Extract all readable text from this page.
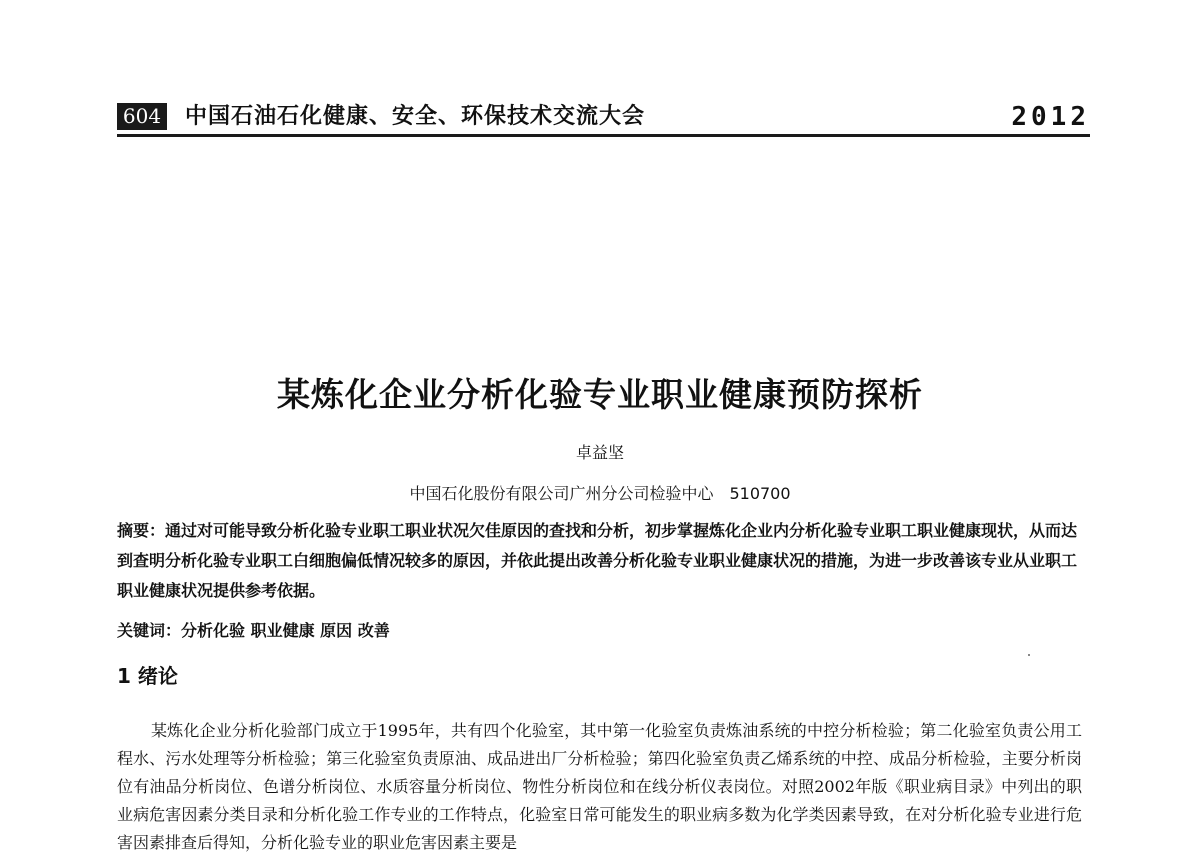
604 中国石油石化健康、安全、环保技术交流大会	2012
某炼化企业分析化验专业职业健康预防探析
卓益坚
中国石化股份有限公司广州分公司检验中心　510700
摘要：通过对可能导致分析化验专业职工职业状况欠佳原因的查找和分析，初步掌握炼化企业内分析化验专业职工职业健康现状，从而达到查明分析化验专业职工白细胞偏低情况较多的原因，并依此提出改善分析化验专业职业健康状况的措施，为进一步改善该专业从业职工职业健康状况提供参考依据。
关键词：分析化验 职业健康 原因 改善
1 绪论
某炼化企业分析化验部门成立于1995年，共有四个化验室，其中第一化验室负责炼油系统的中控分析检验；第二化验室负责公用工程水、污水处理等分析检验；第三化验室负责原油、成品进出厂分析检验；第四化验室负责乙烯系统的中控、成品分析检验，主要分析岗位有油品分析岗位、色谱分析岗位、水质容量分析岗位、物性分析岗位和在线分析仪表岗位。对照2002年版《职业病目录》中列出的职业病危害因素分类目录和分析化验工作专业的工作特点，化验室日常可能发生的职业病多数为化学类因素导致，在对分析化验专业进行危害因素排查后得知，分析化验专业的职业危害因素主要是
